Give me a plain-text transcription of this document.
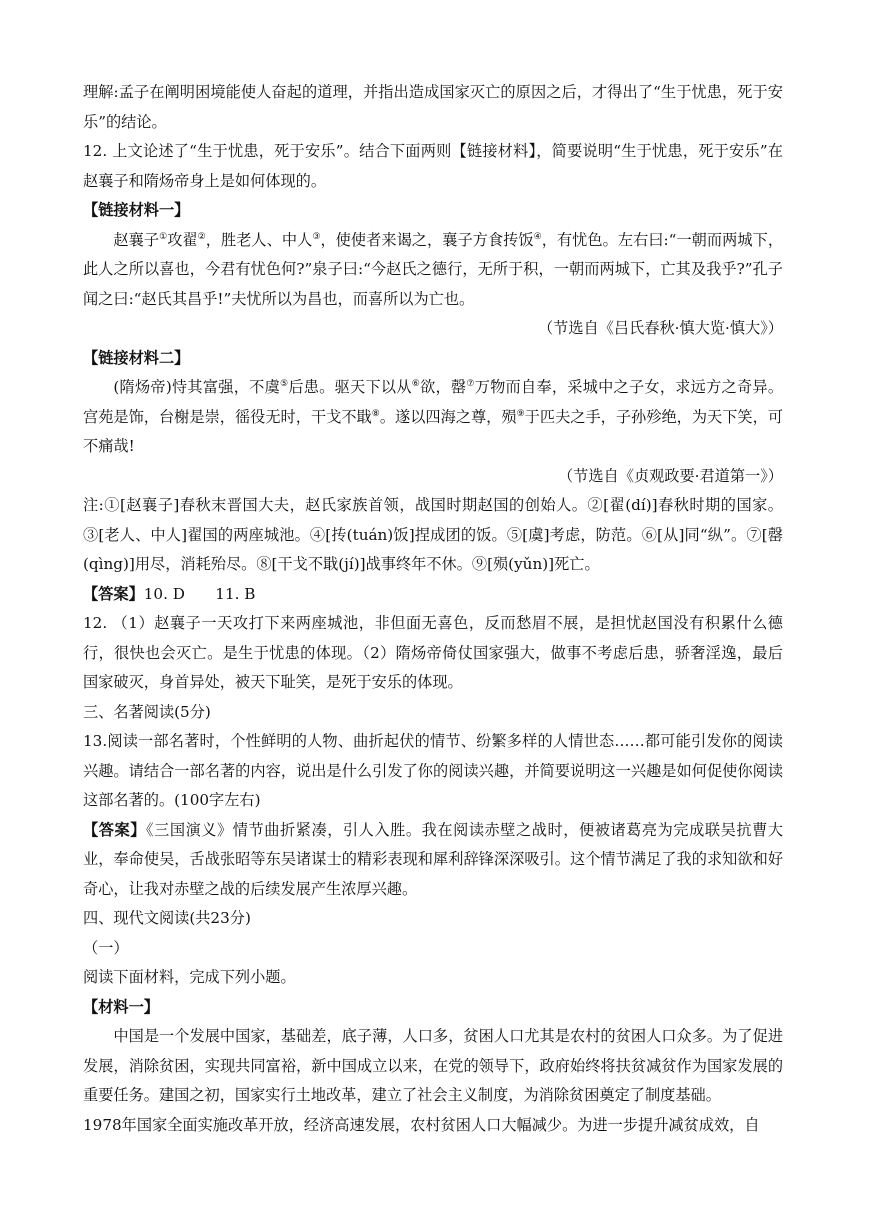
理解:孟子在阐明困境能使人奋起的道理，并指出造成国家灭亡的原因之后，才得出了“生于忧患，死于安乐”的结论。

12. 上文论述了“生于忧患，死于安乐”。结合下面两则【链接材料】，简要说明“生于忧患，死于安乐”在赵襄子和隋炀帝身上是如何体现的。

【链接材料一】

赵襄子①攻翟②，胜老人、中人③，使使者来谒之，襄子方食抟饭④，有忧色。左右曰:“一朝而两城下，此人之所以喜也，今君有忧色何?”泉子曰:“今赵氏之德行，无所于积，一朝而两城下，亡其及我乎?”孔子闻之曰:“赵氏其昌乎!”夫忧所以为昌也，而喜所以为亡也。

（节选自《吕氏春秋·慎大览·慎大》）

【链接材料二】

(隋炀帝)恃其富强，不虞⑤后患。驱天下以从⑥欲，罄⑦万物而自奉，采城中之子女，求远方之奇异。宫苑是饰，台榭是崇，徭役无时，干戈不戢⑧。遂以四海之尊，殒⑨于匹夫之手，子孙殄绝，为天下笑，可不痛哉!

（节选自《贞观政要·君道第一》）

注:①[赵襄子]春秋末晋国大夫，赵氏家族首领，战国时期赵国的创始人。②[翟(dí)]春秋时期的国家。③[老人、中人]翟国的两座城池。④[抟(tuán)饭]捏成团的饭。⑤[虞]考虑，防范。⑥[从]同“纵”。⑦[罄(qìng)]用尽，消耗殆尽。⑧[干戈不戢(jí)]战事终年不休。⑨[殒(yǔn)]死亡。

【答案】10. D　　11. B

12. （1）赵襄子一天攻打下来两座城池，非但面无喜色，反而愁眉不展，是担忧赵国没有积累什么德行，很快也会灭亡。是生于忧患的体现。（2）隋炀帝倚仗国家强大，做事不考虑后患，骄奢淫逸，最后国家破灭，身首异处，被天下耻笑，是死于安乐的体现。

三、名著阅读(5分)

13.阅读一部名著时，个性鲜明的人物、曲折起伏的情节、纷繁多样的人情世态……都可能引发你的阅读兴趣。请结合一部名著的内容，说出是什么引发了你的阅读兴趣，并简要说明这一兴趣是如何促使你阅读这部名著的。(100字左右)

【答案】《三国演义》情节曲折紧凑，引人入胜。我在阅读赤壁之战时，便被诸葛亮为完成联吴抗曹大业，奉命使吴，舌战张昭等东吴诸谋士的精彩表现和犀利辞锋深深吸引。这个情节满足了我的求知欲和好奇心，让我对赤壁之战的后续发展产生浓厚兴趣。

四、现代文阅读(共23分)

（一）

阅读下面材料，完成下列小题。

【材料一】

中国是一个发展中国家，基础差，底子薄，人口多，贫困人口尤其是农村的贫困人口众多。为了促进发展，消除贫困，实现共同富裕，新中国成立以来，在党的领导下，政府始终将扶贫减贫作为国家发展的重要任务。建国之初，国家实行土地改革，建立了社会主义制度，为消除贫困奠定了制度基础。

1978年国家全面实施改革开放，经济高速发展，农村贫困人口大幅减少。为进一步提升减贫成效，自
